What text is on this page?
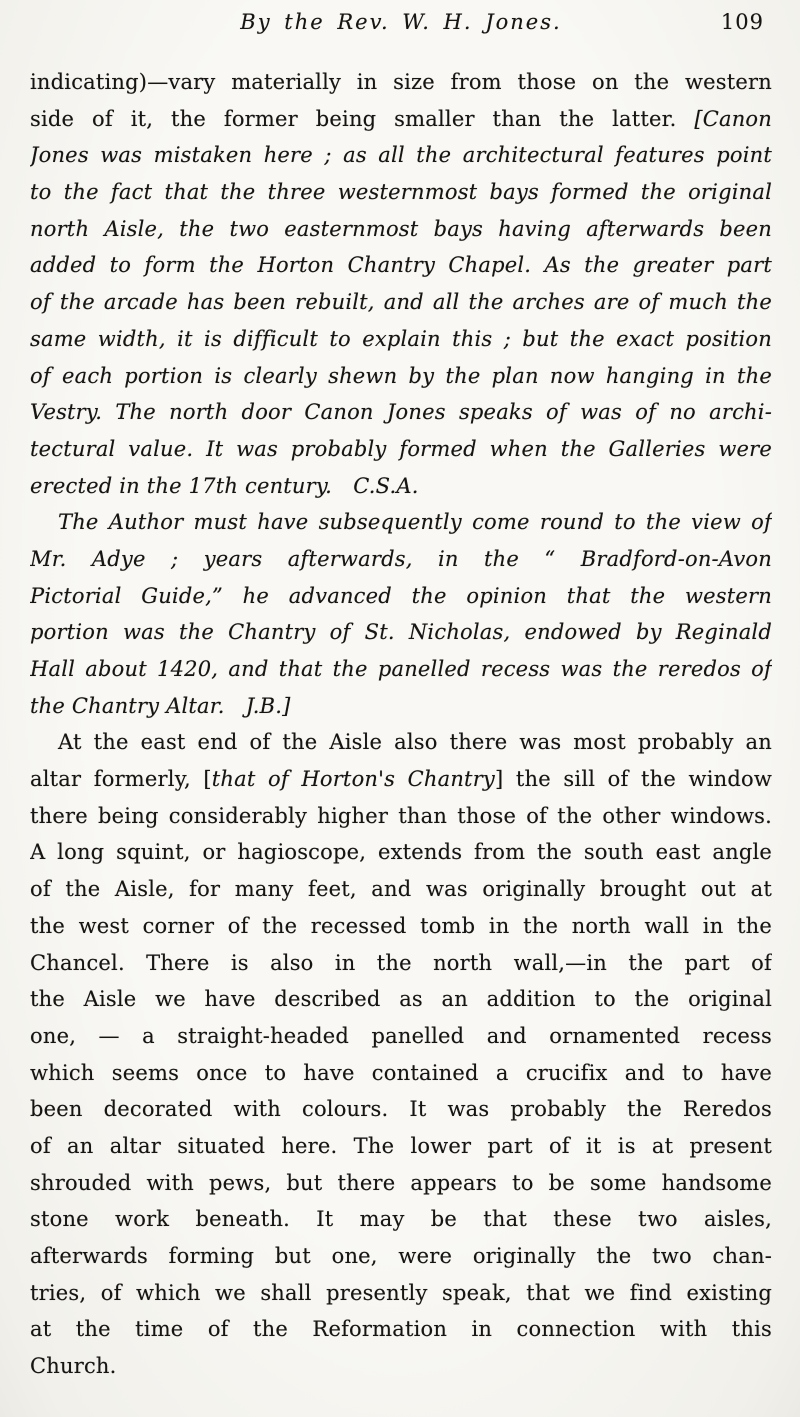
By the Rev. W. H. Jones.	109
indicating)—vary materially in size from those on the western
side of it, the former being smaller than the latter. [Canon
Jones was mistaken here ; as all the architectural features point
to the fact that the three westernmost bays formed the original
north Aisle, the two easternmost bays having afterwards been
added to form the Horton Chantry Chapel. As the greater part
of the arcade has been rebuilt, and all the arches are of much the
same width, it is difficult to explain this ; but the exact position
of each portion is clearly shewn by the plan now hanging in the
Vestry. The north door Canon Jones speaks of was of no archi-
tectural value. It was probably formed when the Galleries were
erected in the 17th century. C.S.A.
The Author must have subsequently come round to the view of
Mr. Adye ; years afterwards, in the “ Bradford-on-Avon
Pictorial Guide,” he advanced the opinion that the western
portion was the Chantry of St. Nicholas, endowed by Reginald
Hall about 1420, and that the panelled recess was the reredos of
the Chantry Altar. J.B.]
At the east end of the Aisle also there was most probably an
altar formerly, [that of Horton's Chantry] the sill of the window
there being considerably higher than those of the other windows.
A long squint, or hagioscope, extends from the south east angle
of the Aisle, for many feet, and was originally brought out at
the west corner of the recessed tomb in the north wall in the
Chancel. There is also in the north wall,—in the part of
the Aisle we have described as an addition to the original
one, — a straight-headed panelled and ornamented recess
which seems once to have contained a crucifix and to have
been decorated with colours. It was probably the Reredos
of an altar situated here. The lower part of it is at present
shrouded with pews, but there appears to be some handsome
stone work beneath. It may be that these two aisles,
afterwards forming but one, were originally the two chan-
tries, of which we shall presently speak, that we find existing
at the time of the Reformation in connection with this
Church.
